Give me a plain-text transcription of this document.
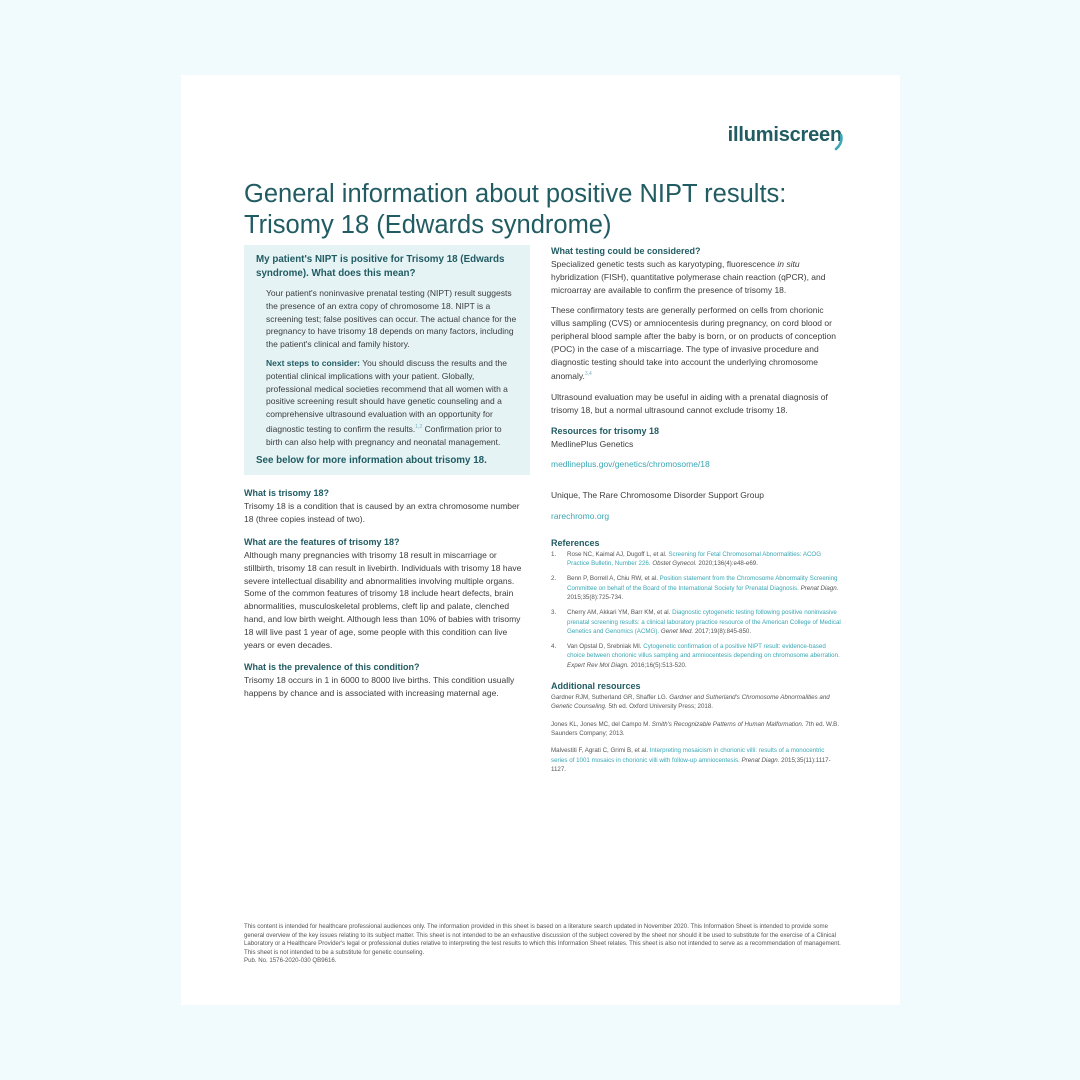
illumiscreen
General information about positive NIPT results:
Trisomy 18 (Edwards syndrome)
My patient's NIPT is positive for Trisomy 18 (Edwards syndrome). What does this mean?

Your patient's noninvasive prenatal testing (NIPT) result suggests the presence of an extra copy of chromosome 18. NIPT is a screening test; false positives can occur. The actual chance for the pregnancy to have trisomy 18 depends on many factors, including the patient's clinical and family history.

Next steps to consider: You should discuss the results and the potential clinical implications with your patient. Globally, professional medical societies recommend that all women with a positive screening result should have genetic counseling and a comprehensive ultrasound evaluation with an opportunity for diagnostic testing to confirm the results.$^{1,2}$ Confirmation prior to birth can also help with pregnancy and neonatal management.

See below for more information about trisomy 18.

What is trisomy 18?

Trisomy 18 is a condition that is caused by an extra chromosome number 18 (three copies instead of two).

What are the features of trisomy 18?

Although many pregnancies with trisomy 18 result in miscarriage or stillbirth, trisomy 18 can result in livebirth. Individuals with trisomy 18 have severe intellectual disability and abnormalities involving multiple organs. Some of the common features of trisomy 18 include heart defects, brain abnormalities, musculoskeletal problems, cleft lip and palate, clenched hand, and low birth weight. Although less than 10% of babies with trisomy 18 will live past 1 year of age, some people with this condition can live years or even decades.

What is the prevalence of this condition?

Trisomy 18 occurs in 1 in 6000 to 8000 live births. This condition usually happens by chance and is associated with increasing maternal age.

What testing could be considered?

Specialized genetic tests such as karyotyping, fluorescence in situ hybridization (FISH), quantitative polymerase chain reaction (qPCR), and microarray are available to confirm the presence of trisomy 18.

These confirmatory tests are generally performed on cells from chorionic villus sampling (CVS) or amniocentesis during pregnancy, on cord blood or peripheral blood sample after the baby is born, or on products of conception (POC) in the case of a miscarriage. The type of invasive procedure and diagnostic testing should take into account the underlying chromosome anomaly.$^{3,4}$

Ultrasound evaluation may be useful in aiding with a prenatal diagnosis of trisomy 18, but a normal ultrasound cannot exclude trisomy 18.

Resources for trisomy 18

MedlinePlus Genetics

medlineplus.gov/genetics/chromosome/18

Unique, The Rare Chromosome Disorder Support Group

rarechromo.org

References
1. Rose NC, Kaimal AJ, Dugoff L, et al. Screening for Fetal Chromosomal Abnormalities: ACOG Practice Bulletin, Number 226. Obstet Gynecol. 2020;136(4):e48-e69.
2. Benn P, Borrell A, Chiu RW, et al. Position statement from the Chromosome Abnormality Screening Committee on behalf of the Board of the International Society for Prenatal Diagnosis. Prenat Diagn. 2015;35(8):725-734.
3. Cherry AM, Akkari YM, Barr KM, et al. Diagnostic cytogenetic testing following positive noninvasive prenatal screening results: a clinical laboratory practice resource of the American College of Medical Genetics and Genomics (ACMG). Genet Med. 2017;19(8):845-850.
4. Van Opstal D, Srebniak MI. Cytogenetic confirmation of a positive NIPT result: evidence-based choice between chorionic villus sampling and amniocentesis depending on chromosome aberration. Expert Rev Mol Diagn. 2016;16(5):513-520.
Additional resources

Gardner RJM, Sutherland GR, Shaffer LG. Gardner and Sutherland's Chromosome Abnormalities and Genetic Counseling. 5th ed. Oxford University Press; 2018.

Jones KL, Jones MC, del Campo M. Smith's Recognizable Patterns of Human Malformation. 7th ed. W.B. Saunders Company; 2013.

Malvestiti F, Agrati C, Grimi B, et al. Interpreting mosaicism in chorionic villi: results of a monocentric series of 1001 mosaics in chorionic villi with follow-up amniocentesis. Prenat Diagn. 2015;35(11):1117-1127.

This content is intended for healthcare professional audiences only. The information provided in this sheet is based on a literature search updated in November 2020. This Information Sheet is intended to provide some general overview of the key issues relating to its subject matter. This sheet is not intended to be an exhaustive discussion of the subject covered by the sheet nor should it be used to substitute for the exercise of a Clinical Laboratory or a Healthcare Provider's legal or professional duties relative to interpreting the test results to which this Information Sheet relates. This sheet is also not intended to serve as a recommendation of management. This sheet is not intended to be a substitute for genetic counseling.

Pub. No. 1576-2020-030 QB9616.
